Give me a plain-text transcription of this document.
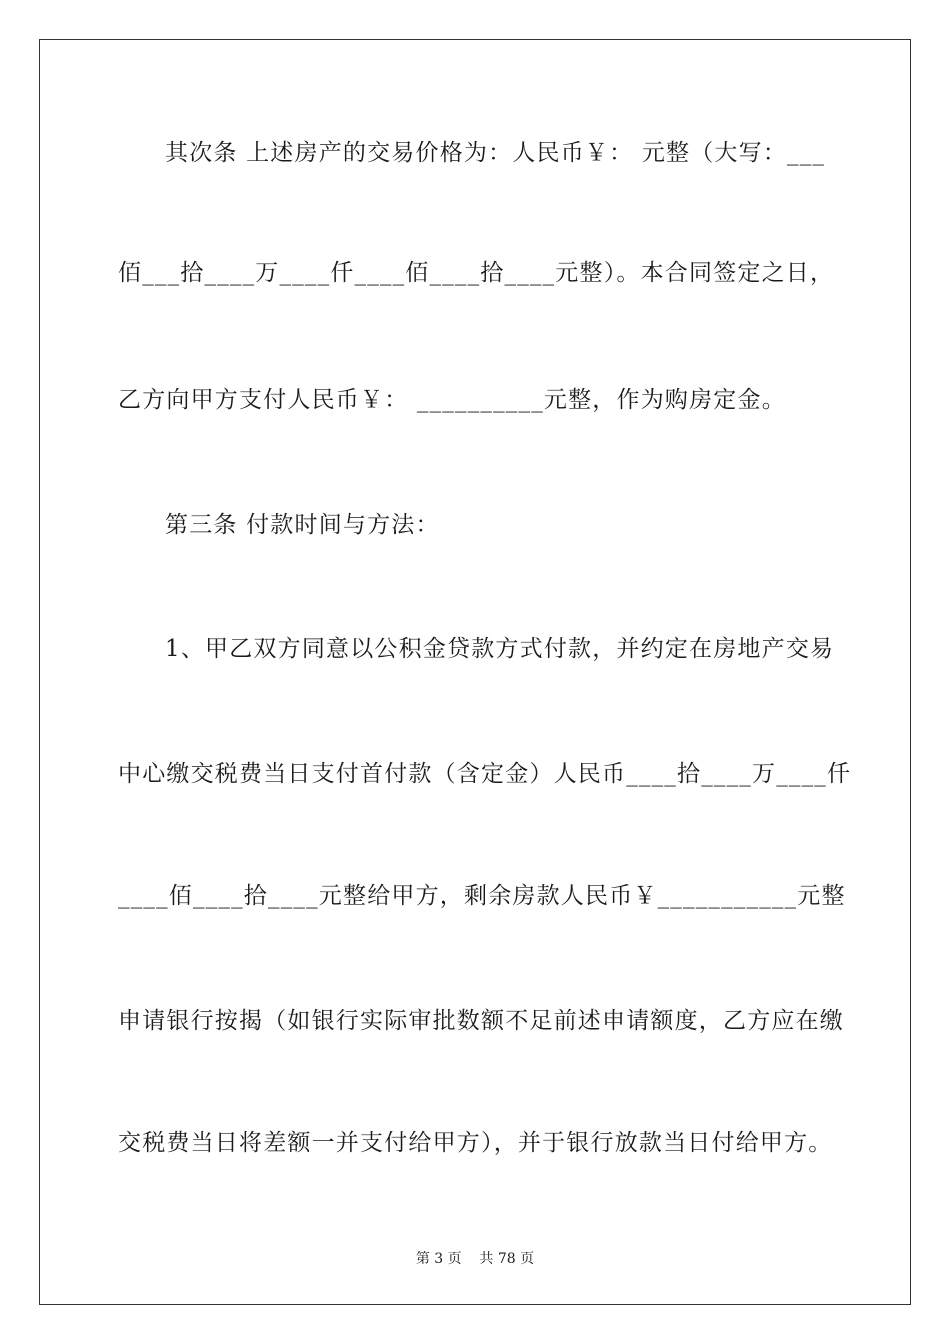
其次条 上述房产的交易价格为：人民币￥： 元整（大写：___
佰___拾____万____仟____佰____拾____元整）。本合同签定之日，
乙方向甲方支付人民币￥： __________元整，作为购房定金。
第三条 付款时间与方法：
1、甲乙双方同意以公积金贷款方式付款，并约定在房地产交易
中心缴交税费当日支付首付款（含定金）人民币____拾____万____仟
____佰____拾____元整给甲方，剩余房款人民币￥___________元整
申请银行按揭（如银行实际审批数额不足前述申请额度，乙方应在缴
交税费当日将差额一并支付给甲方），并于银行放款当日付给甲方。
第 3 页    共 78 页
